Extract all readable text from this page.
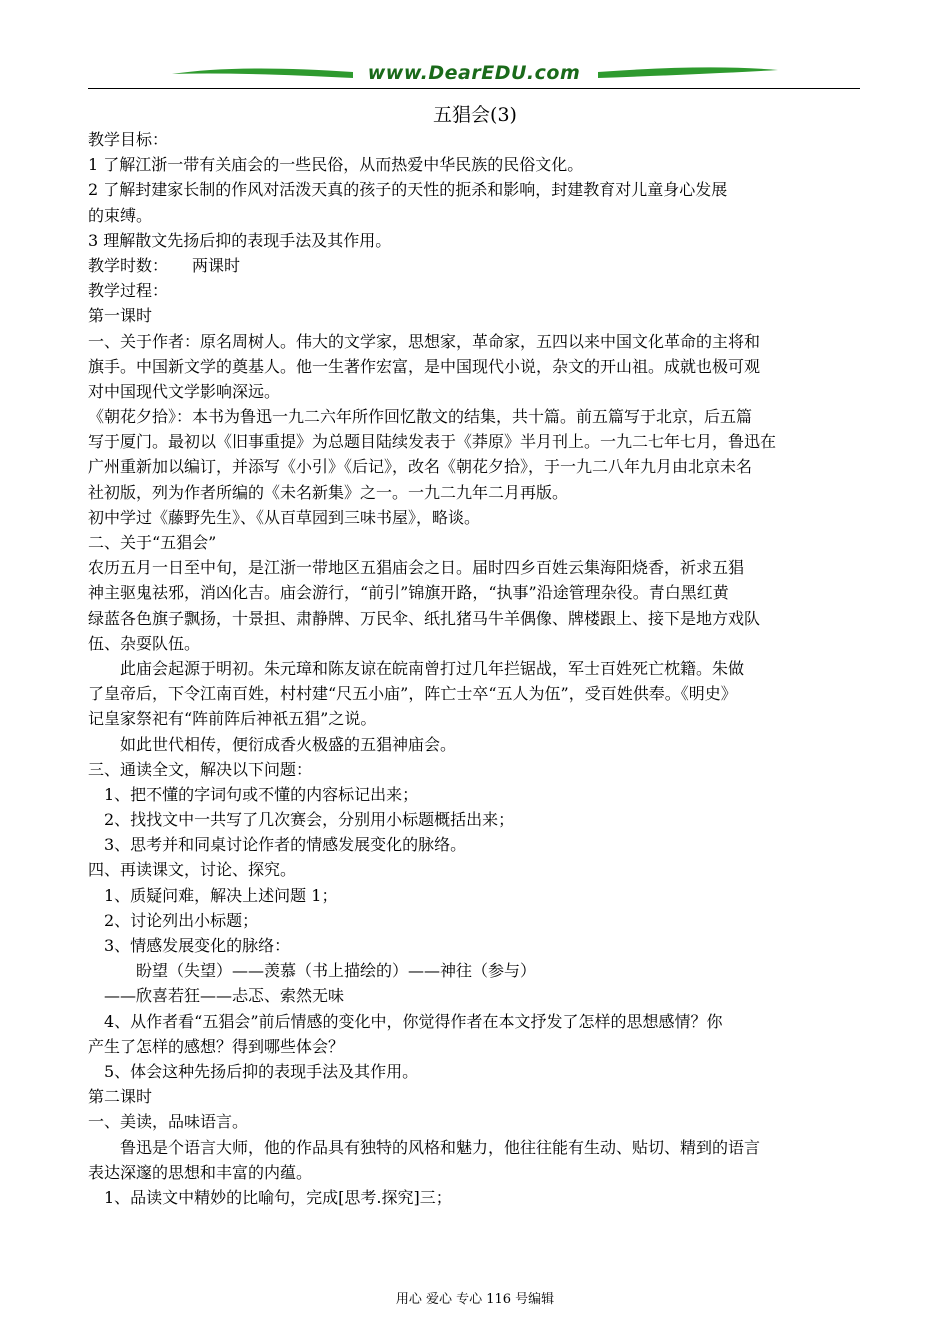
www.DearEDU.com
五猖会(3)
教学目标：
1 了解江浙一带有关庙会的一些民俗，从而热爱中华民族的民俗文化。
2 了解封建家长制的作风对活泼天真的孩子的天性的扼杀和影响，封建教育对儿童身心发展
的束缚。
3 理解散文先扬后抑的表现手法及其作用。
教学时数：　　两课时
教学过程：
第一课时
一、关于作者：原名周树人。伟大的文学家，思想家，革命家，五四以来中国文化革命的主将和
旗手。中国新文学的奠基人。他一生著作宏富，是中国现代小说，杂文的开山祖。成就也极可观
对中国现代文学影响深远。
《朝花夕拾》：本书为鲁迅一九二六年所作回忆散文的结集，共十篇。前五篇写于北京，后五篇
写于厦门。最初以《旧事重提》为总题目陆续发表于《莽原》半月刊上。一九二七年七月，鲁迅在
广州重新加以编订，并添写《小引》《后记》，改名《朝花夕拾》，于一九二八年九月由北京未名
社初版，列为作者所编的《未名新集》之一。一九二九年二月再版。
初中学过《藤野先生》、《从百草园到三味书屋》，略谈。
二、关于“五猖会”
农历五月一日至中旬，是江浙一带地区五猖庙会之日。届时四乡百姓云集海阳烧香，祈求五猖
神主驱鬼祛邪，消凶化吉。庙会游行，“前引”锦旗开路，“执事”沿途管理杂役。青白黑红黄
绿蓝各色旗子飘扬，十景担、肃静牌、万民伞、纸扎猪马牛羊偶像、牌楼跟上、接下是地方戏队
伍、杂耍队伍。
　　此庙会起源于明初。朱元璋和陈友谅在皖南曾打过几年拦锯战，军士百姓死亡枕籍。朱做
了皇帝后，下令江南百姓，村村建“尺五小庙”，阵亡士卒“五人为伍”，受百姓供奉。《明史》
记皇家祭祀有“阵前阵后神祇五猖”之说。
　　如此世代相传，便衍成香火极盛的五猖神庙会。
三、通读全文，解决以下问题：
　1、把不懂的字词句或不懂的内容标记出来；
　2、找找文中一共写了几次赛会，分别用小标题概括出来；
　3、思考并和同桌讨论作者的情感发展变化的脉络。
四、再读课文，讨论、探究。
　1、质疑问难，解决上述问题 1；
　2、讨论列出小标题；
　3、情感发展变化的脉络：
　　　盼望（失望）——羡慕（书上描绘的）——神往（参与）
　——欣喜若狂——忐忑、索然无味
　4、从作者看“五猖会”前后情感的变化中，你觉得作者在本文抒发了怎样的思想感情？你
产生了怎样的感想？得到哪些体会？
　5、体会这种先扬后抑的表现手法及其作用。
第二课时
一、美读，品味语言。
　　鲁迅是个语言大师，他的作品具有独特的风格和魅力，他往往能有生动、贴切、精到的语言
表达深邃的思想和丰富的内蕴。
　1、品读文中精妙的比喻句，完成[思考.探究]三；
用心 爱心 专心 116 号编辑
